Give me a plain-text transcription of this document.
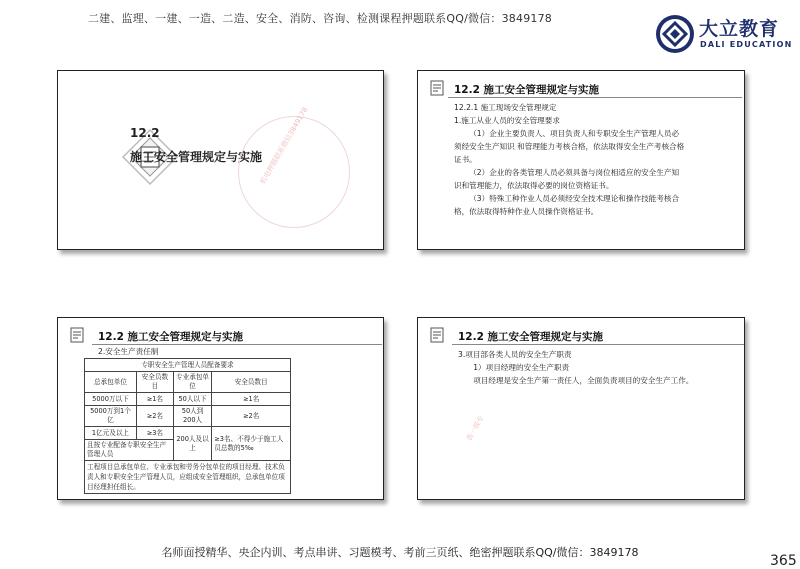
二建、监理、一建、一造、二造、安全、消防、咨询、检测课程押题联系QQ/微信：3849178	大立教育
DALI EDUCATION
12.2
施工安全管理规定与实施
机电押题联系微信3849178
12.2 施工安全管理规定与实施

12.2.1 施工现场安全管理规定

1.施工从业人员的安全管理要求

（1）企业主要负责人、项目负责人和专职安全生产管理人员必须经安全生产知识 和管理能力考核合格，依法取得安全生产考核合格证书。

（2）企业的各类管理人员必须具备与岗位相适应的安全生产知识和管理能力，依法取得必要的岗位资格证书。

（3）特殊工种作业人员必须经安全技术理论和操作技能考核合格，依法取得特种作业人员操作资格证书。

12.2 施工安全管理规定与实施
2.安全生产责任制
专职安全生产管理人员配备要求			
总承包单位	安全员数目	专业承包单位	安全员数目
5000万以下	≥1名	50人以下	≥1名
5000万到1个亿	≥2名	50人到200人	≥2名
1亿元及以上	≥3名	200人及以上	≥3名、不得少于施工人员总数的5‰
且按专业配备专职安全生产管理人员			
工程项目总承包单位、专业承包和劳务分包单位的项目经理、技术负责人和专职安全生产管理人员，应组成安全管理组织，总承包单位项目经理担任组长。			
12.2 施工安全管理规定与实施

3.项目部各类人员的安全生产职责

1）项目经理的安全生产职责

项目经理是安全生产第一责任人，全面负责项目的安全生产工作。

表一级专
名师面授精华、央企内训、考点串讲、习题模考、考前三页纸、绝密押题联系QQ/微信：3849178
365
